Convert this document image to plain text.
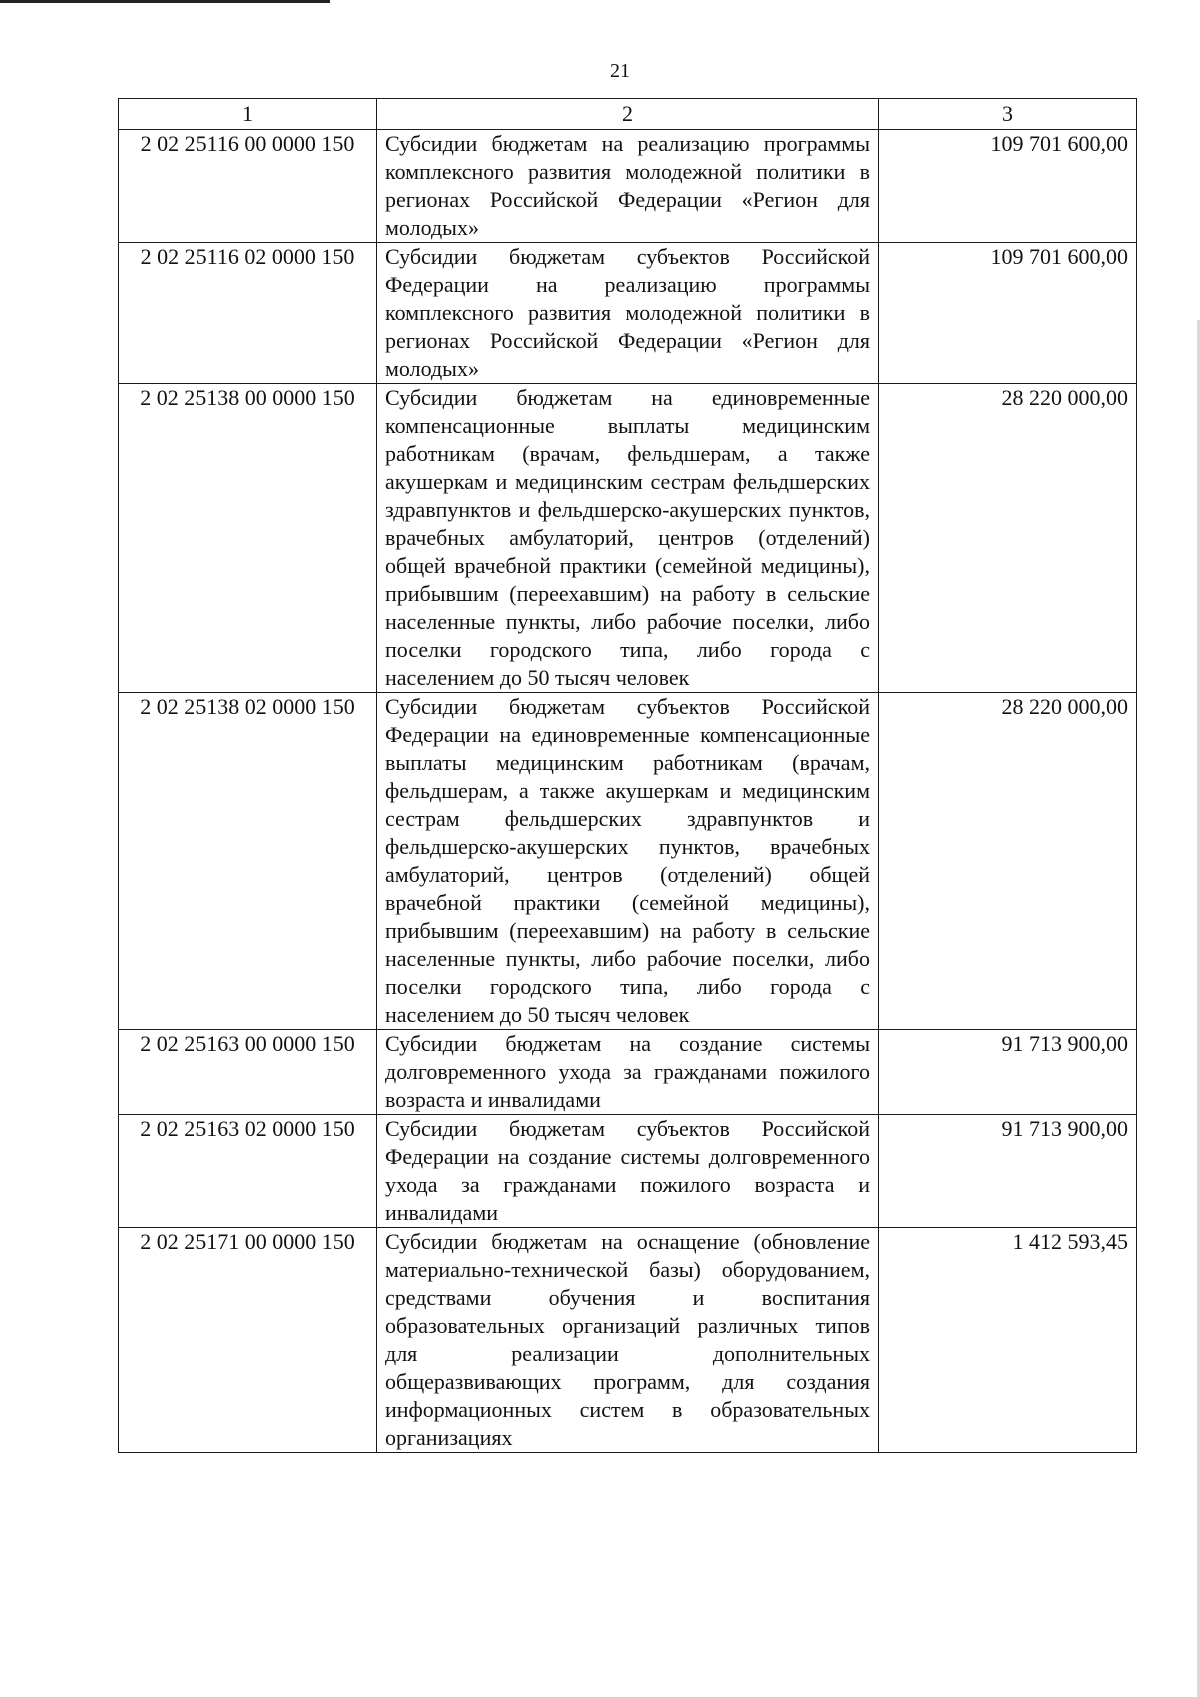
21
1	2	3
2 02 25116 00 0000 150	Субсидии бюджетам на реализацию программы комплексного развития молодежной политики в регионах Российской Федерации «Регион для молодых»	109 701 600,00
2 02 25116 02 0000 150	Субсидии бюджетам субъектов Российской Федерации на реализацию программы комплексного развития молодежной политики в регионах Российской Федерации «Регион для молодых»	109 701 600,00
2 02 25138 00 0000 150	Субсидии бюджетам на единовременные компенсационные выплаты медицинским работникам (врачам, фельдшерам, а также акушеркам и медицинским сестрам фельдшерских здравпунктов и фельдшерско-акушерских пунктов, врачебных амбулаторий, центров (отделений) общей врачебной практики (семейной медицины), прибывшим (переехавшим) на работу в сельские населенные пункты, либо рабочие поселки, либо поселки городского типа, либо города с населением до 50 тысяч человек	28 220 000,00
2 02 25138 02 0000 150	Субсидии бюджетам субъектов Российской Федерации на единовременные компенсационные выплаты медицинским работникам (врачам, фельдшерам, а также акушеркам и медицинским сестрам фельдшерских здравпунктов и фельдшерско-акушерских пунктов, врачебных амбулаторий, центров (отделений) общей врачебной практики (семейной медицины), прибывшим (переехавшим) на работу в сельские населенные пункты, либо рабочие поселки, либо поселки городского типа, либо города с населением до 50 тысяч человек	28 220 000,00
2 02 25163 00 0000 150	Субсидии бюджетам на создание системы долговременного ухода за гражданами пожилого возраста и инвалидами	91 713 900,00
2 02 25163 02 0000 150	Субсидии бюджетам субъектов Российской Федерации на создание системы долговременного ухода за гражданами пожилого возраста и инвалидами	91 713 900,00
2 02 25171 00 0000 150	Субсидии бюджетам на оснащение (обновление материально-технической базы) оборудованием, средствами обучения и воспитания образовательных организаций различных типов для реализации дополнительных общеразвивающих программ, для создания информационных систем в образовательных организациях	1 412 593,45
